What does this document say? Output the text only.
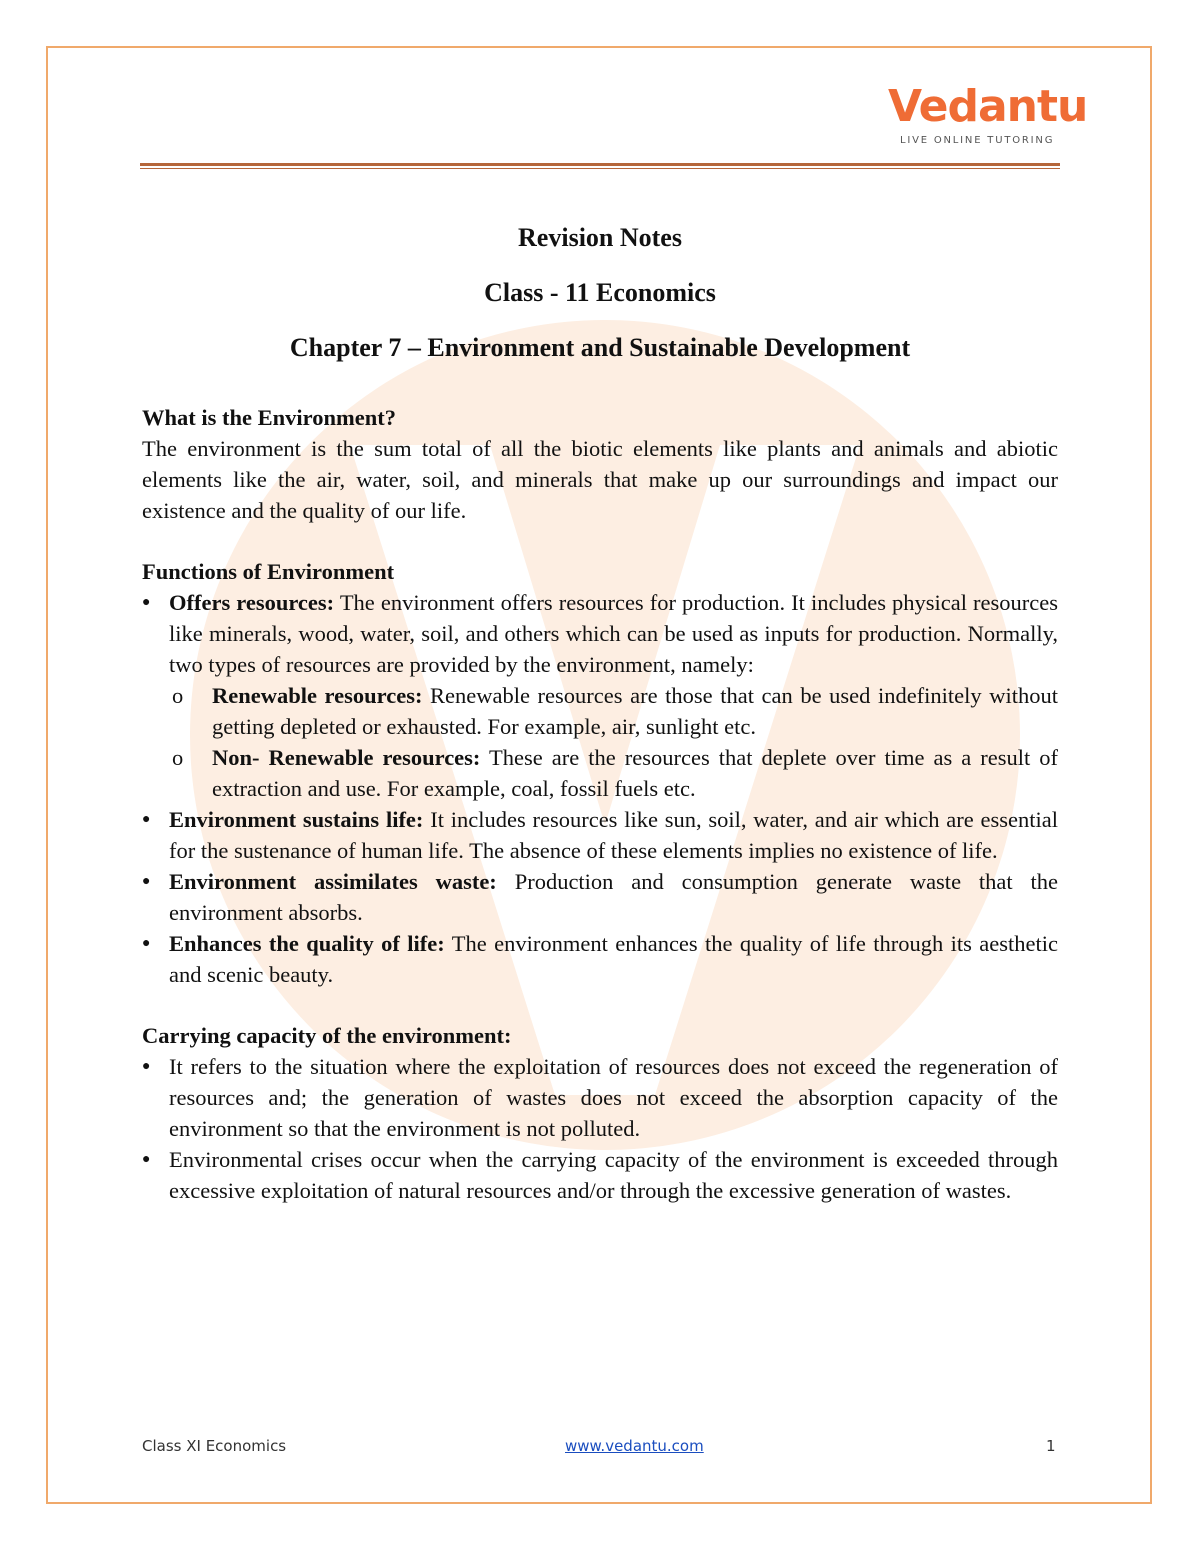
Vedantu
LIVE ONLINE TUTORING

Revision Notes

Class - 11 Economics

Chapter 7 – Environment and Sustainable Development

What is the Environment?

The environment is the sum total of all the biotic elements like plants and animals and abiotic elements like the air, water, soil, and minerals that make up our surroundings and impact our existence and the quality of our life.

Functions of Environment

● Offers resources: The environment offers resources for production. It includes physical resources like minerals, wood, water, soil, and others which can be used as inputs for production. Normally, two types of resources are provided by the environment, namely:
o Renewable resources: Renewable resources are those that can be used indefinitely without getting depleted or exhausted. For example, air, sunlight etc.
o Non- Renewable resources: These are the resources that deplete over time as a result of extraction and use. For example, coal, fossil fuels etc.
● Environment sustains life: It includes resources like sun, soil, water, and air which are essential for the sustenance of human life. The absence of these elements implies no existence of life.
● Environment assimilates waste: Production and consumption generate waste that the environment absorbs.
● Enhances the quality of life: The environment enhances the quality of life through its aesthetic and scenic beauty.

Carrying capacity of the environment:

● It refers to the situation where the exploitation of resources does not exceed the regeneration of resources and; the generation of wastes does not exceed the absorption capacity of the environment so that the environment is not polluted.
● Environmental crises occur when the carrying capacity of the environment is exceeded through excessive exploitation of natural resources and/or through the excessive generation of wastes.
Class XI Economics	www.vedantu.com	1
